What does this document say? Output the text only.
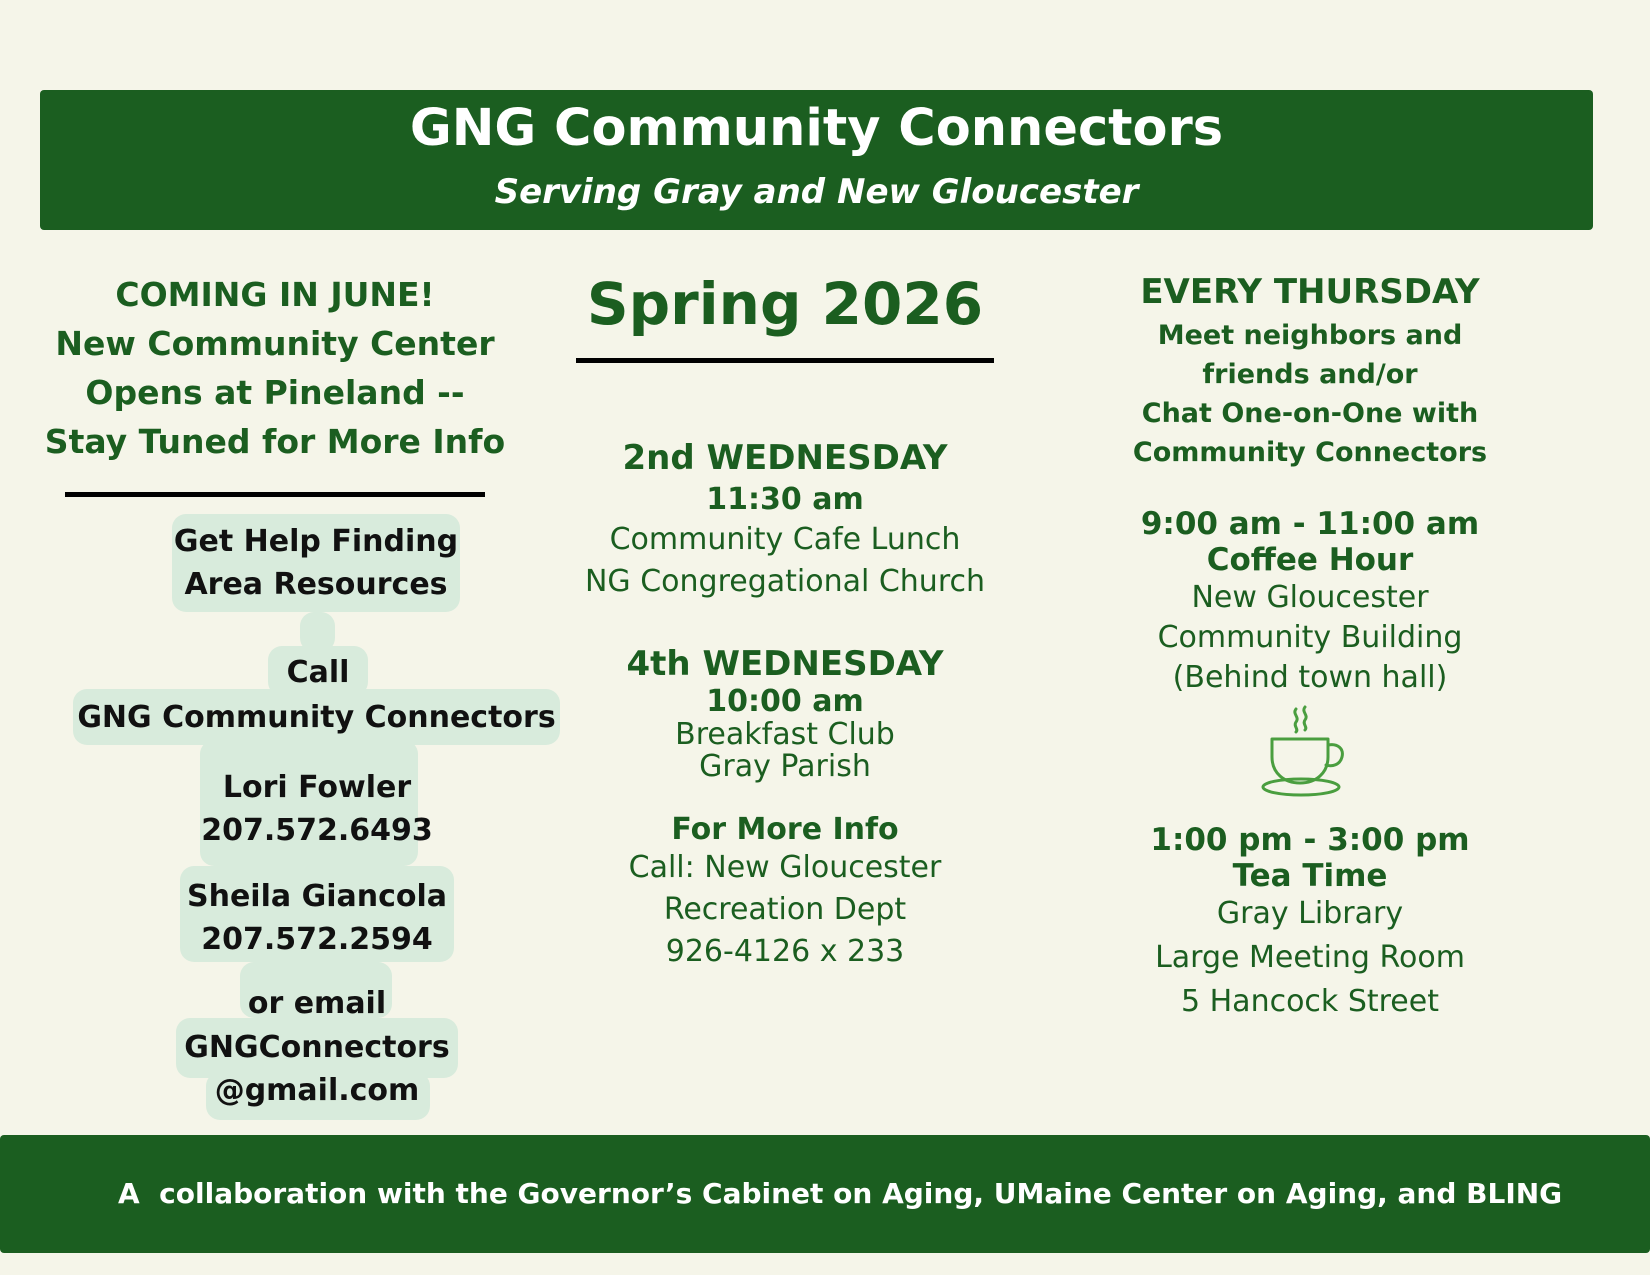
GNG Community Connectors
Serving Gray and New Gloucester
COMING IN JUNE!
New Community Center
Opens at Pineland --
Stay Tuned for More Info
Get Help Finding
Area Resources
Call
GNG Community Connectors
Lori Fowler
207.572.6493
Sheila Giancola
207.572.2594
or email
GNGConnectors
@gmail.com
Spring 2026
2nd WEDNESDAY
11:30 am
Community Cafe Lunch
NG Congregational Church
4th WEDNESDAY
10:00 am
Breakfast Club
Gray Parish
For More Info
Call: New Gloucester
Recreation Dept
926-4126 x 233
EVERY THURSDAY
Meet neighbors and
friends and/or
Chat One-on-One with
Community Connectors
9:00 am - 11:00 am
Coffee Hour
New Gloucester
Community Building
(Behind town hall)
1:00 pm - 3:00 pm
Tea Time
Gray Library
Large Meeting Room
5 Hancock Street
A  collaboration with the Governor’s Cabinet on Aging, UMaine Center on Aging, and BLING
